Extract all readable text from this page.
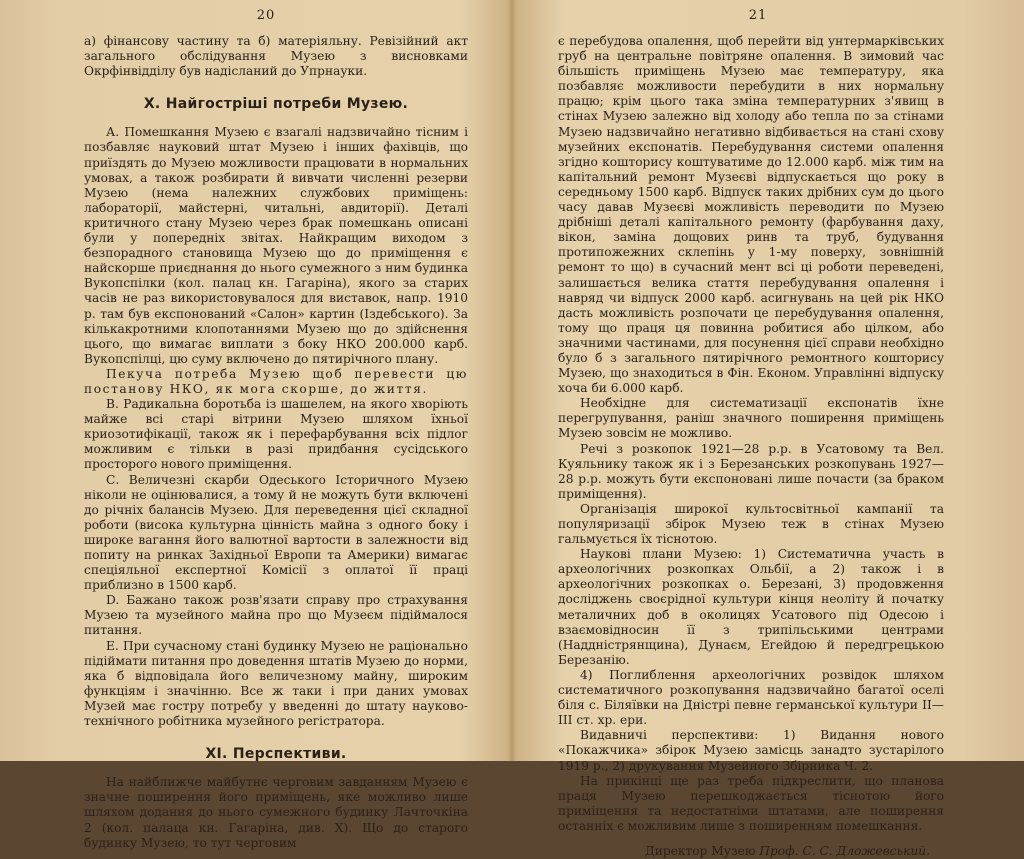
20

а) фінансову частину та б) матеріяльну. Ревізійний акт загального обслідування Музею з висновками Окрфінвідділу був надісланий до Упрнауки.

X. Найгостріші потреби Музею.

А. Помешкання Музею є взагалі надзвичайно тісним і позбавляє науковий штат Музею і інших фахівців, що приїздять до Музею можливости працювати в нормальних умовах, а також розбирати й вивчати численні резерви Музею (нема належних службових приміщень: лабораторії, майстерні, читальні, авдиторії). Деталі критичного стану Музею через брак помешкань описані були у попередніх звітах. Найкращим виходом з безпорадного становища Музею що до приміщення є найскорше приєднання до нього сумежного з ним будинка Вукопспілки (кол. палац кн. Гагаріна), якого за старих часів не раз використовувалося для виставок, напр. 1910 р. там був експонований «Салон» картин (Іздебського). За кількакротними клопотаннями Музею що до здійснення цього, що вимагає виплати з боку НКО 200.000 карб. Вукопспілці, цю суму включено до пятирічного плану.

Пекуча потреба Музею щоб перевести цю постанову НКО, як мога скорше, до життя.

В. Радикальна боротьба із шашелем, на якого хворіють майже всі старі вітрини Музею шляхом їхньої криозотифікації, також як і перефарбування всіх підлог можливим є тільки в разі придбання сусідського просторого нового приміщення.

С. Величезні скарби Одеського Історичного Музею ніколи не оцінювалися, а тому й не можуть бути включені до річніх балансів Музею. Для переведення цієї складної роботи (висока культурна цінність майна з одного боку і широке вагання його валютної вартости в залежности від попиту на ринках Західньої Европи та Америки) вимагає спеціяльної експертної Комісії з оплатої її праці приблизно в 1500 карб.

D. Бажано також розв'язати справу про страхування Музею та музейного майна про що Музеєм підіймалося питання.

Е. При сучасному стані будинку Музею не раціонально підіймати питання про доведення штатів Музею до норми, яка б відповідала його величезному майну, широким функціям і значінню. Все ж таки і при даних умовах Музей має гостру потребу у введенні до штату науково-технічного робітника музейного регістратора.

XI. Перспективи.

На найближче майбутнє черговим завданням Музею є значне поширення його приміщень, яке можливо лише шляхом додання до нього сумежного будинку Лачточкіна 2 (кол. палаца кн. Гагаріна, див. X). Що до старого будинку Музею, то тут черговим

21

є перебудова опалення, щоб перейти від унтермарківських груб на центральне повітряне опалення. В зимовий час більшість приміщень Музею має температуру, яка позбавляє можливости перебудити в них нормальну працю; крім цього така зміна температурних з'явищ в стінах Музею залежно від холоду або тепла по за стінами Музею надзвичайно негативно відбивається на стані схову музейних експонатів. Перебудування системи опалення згідно кошторису коштуватиме до 12.000 карб. між тим на капітальний ремонт Музеєві відпускається що року в середньому 1500 карб. Відпуск таких дрібних сум до цього часу давав Музеєві можливість переводити по Музею дрібніші деталі капітального ремонту (фарбування даху, вікон, заміна дощових ринв та труб, будування протипожежних склепінь у 1-му поверху, зовнішній ремонт то що) в сучасний мент всі ці роботи переведені, залишається велика стаття перебудування опалення і навряд чи відпуск 2000 карб. асигнувань на цей рік НКО дасть можливість розпочати це перебудування опалення, тому що праця ця повинна робитися або цілком, або значними частинами, для посунення цієї справи необхідно було б з загального пятирічного ремонтного кошторису Музею, що знаходиться в Фін. Економ. Управлінні відпуску хоча би 6.000 карб.

Необхідне для систематизації експонатів їхне перегрупування, раніш значного поширення приміщень Музею зовсім не можливо.

Речі з розкопок 1921—28 р.р. в Усатовому та Вел. Куяльнику також як і з Березанських розкопувань 1927—28 р.р. можуть бути експоновані лише почасти (за браком приміщення).

Організація широкої культосвітньої кампанії та популяризації збірок Музею теж в стінах Музею гальмується їх тіснотою.

Наукові плани Музею: 1) Систематична участь в археологічних розкопках Ольбії, а 2) також і в археологічних розкопках о. Березані, 3) продовження досліджень своєрідної культури кінця неоліту й початку металичних доб в околицях Усатового під Одесою і взаємовідносин її з трипільськими центрами (Наддністрянщина), Дунаєм, Егейдою й передгрецькою Березанію.

4) Поглиблення археологічних розвідок шляхом систематичного розкопування надзвичайно багатої оселі біля с. Біляївки на Дністрі певне германської культури II—III ст. хр. ери.

Видавничі перспективи: 1) Видання нового «Покажчика» збірок Музею замісць занадто зустарілого 1919 р., 2) друкування Музейного Збірника Ч. 2.

На прикінці ще раз треба підкреслити, що планова праця Музею перешкоджається тіснотою його приміщення та недостатніми штатами, але поширення останніх є можливим лише з поширенням помешкання.

Директор Музею Проф. С. С. Дложевський.
